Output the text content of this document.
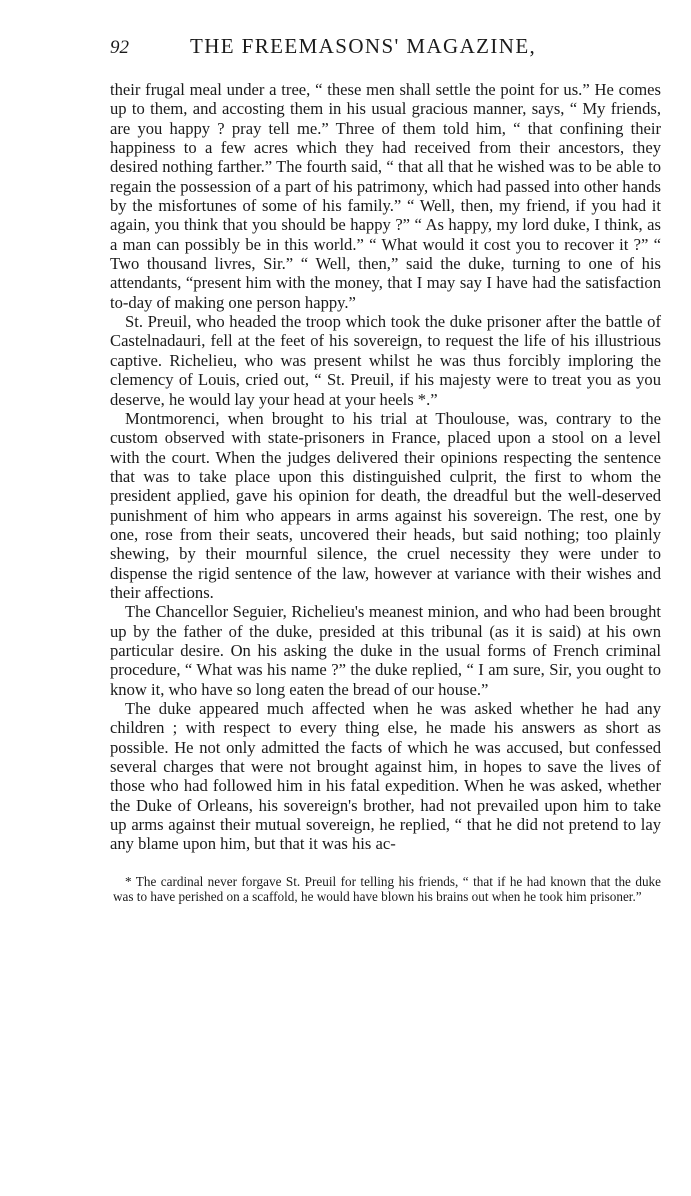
92	THE FREEMASONS' MAGAZINE,

their frugal meal under a tree, “ these men shall settle the point for us.” He comes up to them, and accosting them in his usual gracious manner, says, “ My friends, are you happy ? pray tell me.” Three of them told him, “ that confining their happiness to a few acres which they had received from their ancestors, they desired nothing farther.” The fourth said, “ that all that he wished was to be able to regain the possession of a part of his patrimony, which had passed into other hands by the misfortunes of some of his family.” “ Well, then, my friend, if you had it again, you think that you should be happy ?” “ As happy, my lord duke, I think, as a man can possibly be in this world.” “ What would it cost you to recover it ?” “ Two thousand livres, Sir.” “ Well, then,” said the duke, turning to one of his attendants, “present him with the money, that I may say I have had the satisfaction to-day of making one person happy.”

St. Preuil, who headed the troop which took the duke prisoner after the battle of Castelnadauri, fell at the feet of his sovereign, to request the life of his illustrious captive. Richelieu, who was present whilst he was thus forcibly imploring the clemency of Louis, cried out, “ St. Preuil, if his majesty were to treat you as you deserve, he would lay your head at your heels *.”

Montmorenci, when brought to his trial at Thoulouse, was, contrary to the custom observed with state-prisoners in France, placed upon a stool on a level with the court. When the judges delivered their opinions respecting the sentence that was to take place upon this distinguished culprit, the first to whom the president applied, gave his opinion for death, the dreadful but the well-deserved punishment of him who appears in arms against his sovereign. The rest, one by one, rose from their seats, uncovered their heads, but said nothing; too plainly shewing, by their mournful silence, the cruel necessity they were under to dispense the rigid sentence of the law, however at variance with their wishes and their affections.

The Chancellor Seguier, Richelieu's meanest minion, and who had been brought up by the father of the duke, presided at this tribunal (as it is said) at his own particular desire. On his asking the duke in the usual forms of French criminal procedure, “ What was his name ?” the duke replied, “ I am sure, Sir, you ought to know it, who have so long eaten the bread of our house.”

The duke appeared much affected when he was asked whether he had any children ; with respect to every thing else, he made his answers as short as possible. He not only admitted the facts of which he was accused, but confessed several charges that were not brought against him, in hopes to save the lives of those who had followed him in his fatal expedition. When he was asked, whether the Duke of Orleans, his sovereign's brother, had not prevailed upon him to take up arms against their mutual sovereign, he replied, “ that he did not pretend to lay any blame upon him, but that it was his ac-

* The cardinal never forgave St. Preuil for telling his friends, “ that if he had known that the duke was to have perished on a scaffold, he would have blown his brains out when he took him prisoner.”
